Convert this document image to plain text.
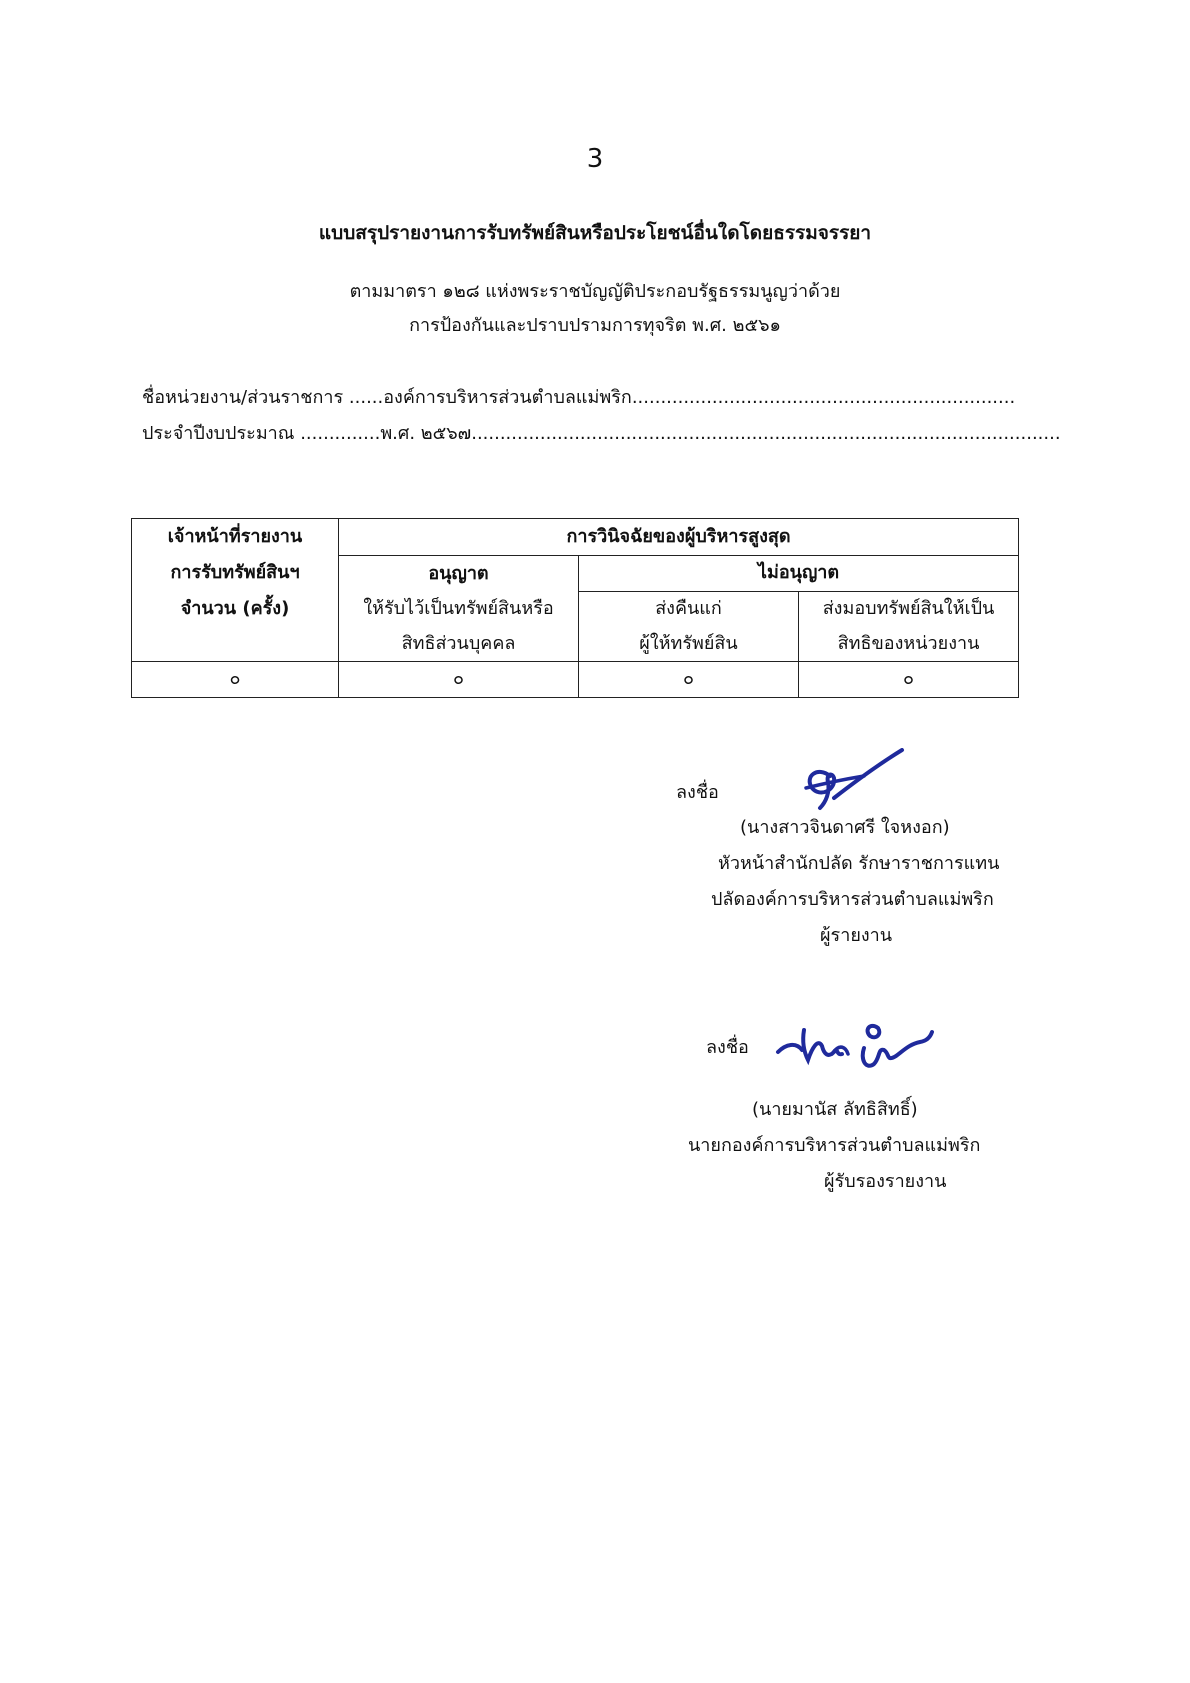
3
แบบสรุปรายงานการรับทรัพย์สินหรือประโยชน์อื่นใดโดยธรรมจรรยา
ตามมาตรา ๑๒๘ แห่งพระราชบัญญัติประกอบรัฐธรรมนูญว่าด้วย
การป้องกันและปราบปรามการทุจริต พ.ศ. ๒๕๖๑
ชื่อหน่วยงาน/ส่วนราชการ ......องค์การบริหารส่วนตำบลแม่พริก...................................................................
ประจำปีงบประมาณ ..............พ.ศ. ๒๕๖๗.......................................................................................................
เจ้าหน้าที่รายงาน	การวินิจฉัยของผู้บริหารสูงสุด		
การรับทรัพย์สินฯ	อนุญาต	ไม่อนุญาต	
จำนวน (ครั้ง)	ให้รับไว้เป็นทรัพย์สินหรือ	ส่งคืนแก่	ส่งมอบทรัพย์สินให้เป็น
	สิทธิส่วนบุคคล	ผู้ให้ทรัพย์สิน	สิทธิของหน่วยงาน
๐	๐	๐	๐
ลงชื่อ
(นางสาวจินดาศรี ใจหงอก)
หัวหน้าสำนักปลัด รักษาราชการแทน
ปลัดองค์การบริหารส่วนตำบลแม่พริก
ผู้รายงาน
ลงชื่อ
(นายมานัส ลัทธิสิทธิ์)
นายกองค์การบริหารส่วนตำบลแม่พริก
ผู้รับรองรายงาน
